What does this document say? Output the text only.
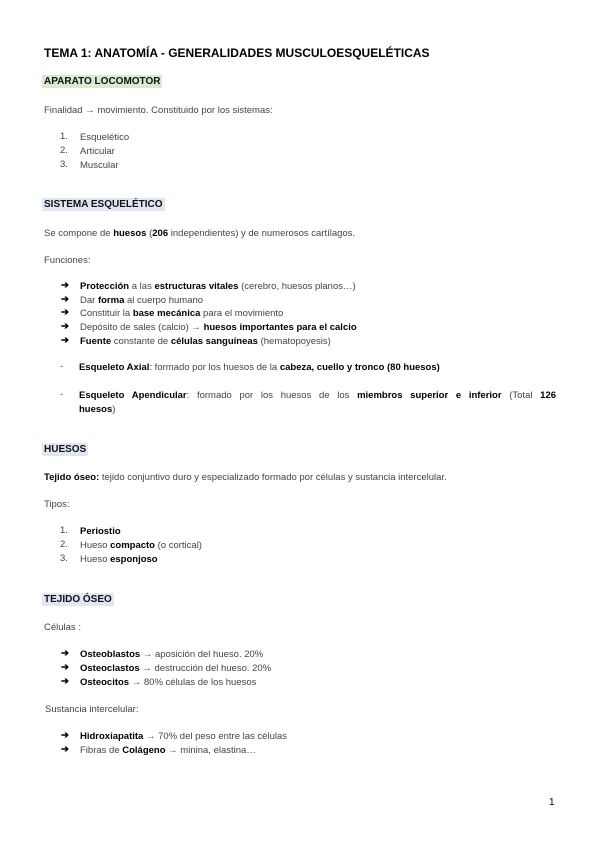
TEMA 1: ANATOMÍA - GENERALIDADES MUSCULOESQUELÉTICAS
APARATO LOCOMOTOR
Finalidad → movimiento. Constituido por los sistemas:
1. Esquelético
2. Articular
3. Muscular
SISTEMA ESQUELÉTICO
Se compone de huesos (206 independientes) y de numerosos cartílagos.
Funciones:
➔ Protección a las estructuras vitales (cerebro, huesos planos…)
➔ Dar forma al cuerpo humano
➔ Constituir la base mecánica para el movimiento
➔ Depósito de sales (calcio) → huesos importantes para el calcio
➔ Fuente constante de células sanguíneas (hematopoyesis)
- Esqueleto Axial: formado por los huesos de la cabeza, cuello y tronco (80 huesos)
- Esqueleto Apendicular: formado por los huesos de los miembros superior e inferior (Total 126
huesos)
HUESOS
Tejido óseo: tejido conjuntivo duro y especializado formado por células y sustancia intercelular.
Tipos:
1. Periostio
2. Hueso compacto (o cortical)
3. Hueso esponjoso
TEJIDO ÓSEO
Células :
➔ Osteoblastos → aposición del hueso. 20%
➔ Osteoclastos → destrucción del hueso. 20%
➔ Osteocitos → 80% células de los huesos
Sustancia intercelular:
➔ Hidroxiapatita → 70% del peso entre las células
➔ Fibras de Colágeno → minina, elastina…
1
